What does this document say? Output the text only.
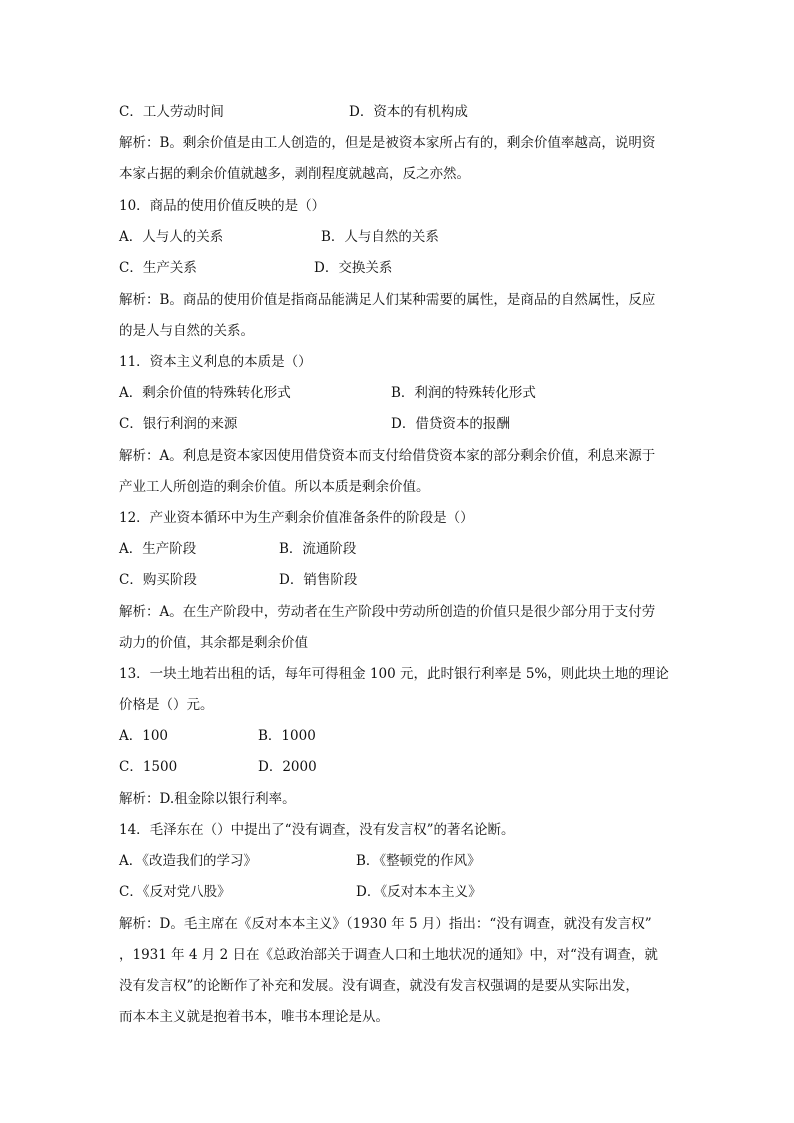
C．工人劳动时间	D．资本的有机构成
解析：B。剩余价值是由工人创造的，但是是被资本家所占有的，剩余价值率越高，说明资
本家占据的剩余价值就越多，剥削程度就越高，反之亦然。
10．商品的使用价值反映的是（）
A．人与人的关系	B．人与自然的关系
C．生产关系	D．交换关系
解析：B。商品的使用价值是指商品能满足人们某种需要的属性，是商品的自然属性，反应
的是人与自然的关系。
11．资本主义利息的本质是（）
A．剩余价值的特殊转化形式	B．利润的特殊转化形式
C．银行利润的来源	D．借贷资本的报酬
解析：A。利息是资本家因使用借贷资本而支付给借贷资本家的部分剩余价值，利息来源于
产业工人所创造的剩余价值。所以本质是剩余价值。
12．产业资本循环中为生产剩余价值准备条件的阶段是（）
A．生产阶段	B．流通阶段
C．购买阶段	D．销售阶段
解析：A。在生产阶段中，劳动者在生产阶段中劳动所创造的价值只是很少部分用于支付劳
动力的价值，其余都是剩余价值
13．一块土地若出租的话，每年可得租金 100 元，此时银行利率是 5%，则此块土地的理论
价格是（）元。
A．100	B．1000
C．1500	D．2000
解析：D.租金除以银行利率。
14．毛泽东在（）中提出了“没有调查，没有发言权”的著名论断。
A．《改造我们的学习》	B．《整顿党的作风》
C．《反对党八股》	D．《反对本本主义》
解析：D。毛主席在《反对本本主义》（1930 年 5 月）指出：“没有调查，就没有发言权”
，1931 年 4 月 2 日在《总政治部关于调查人口和土地状况的通知》中，对“没有调查，就
没有发言权”的论断作了补充和发展。没有调查，就没有发言权强调的是要从实际出发，
而本本主义就是抱着书本，唯书本理论是从。
